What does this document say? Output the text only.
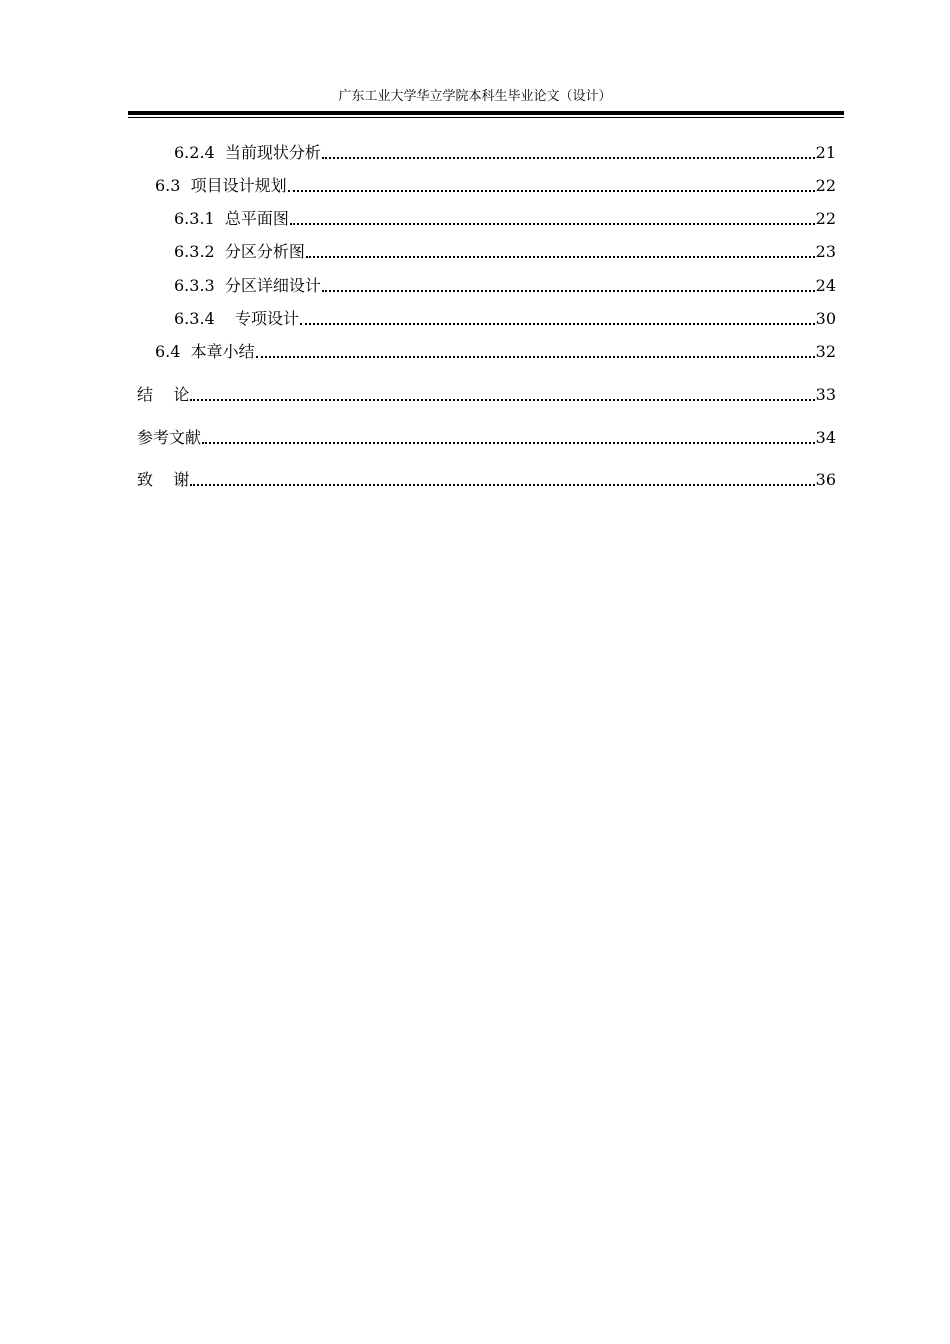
广东工业大学华立学院本科生毕业论文（设计）
6.2.4  当前现状分析	21
6.3  项目设计规划	22
6.3.1  总平面图	22
6.3.2  分区分析图	23
6.3.3  分区详细设计	24
6.3.4    专项设计	30
6.4  本章小结	32
结    论	33
参考文献	34
致    谢	36
